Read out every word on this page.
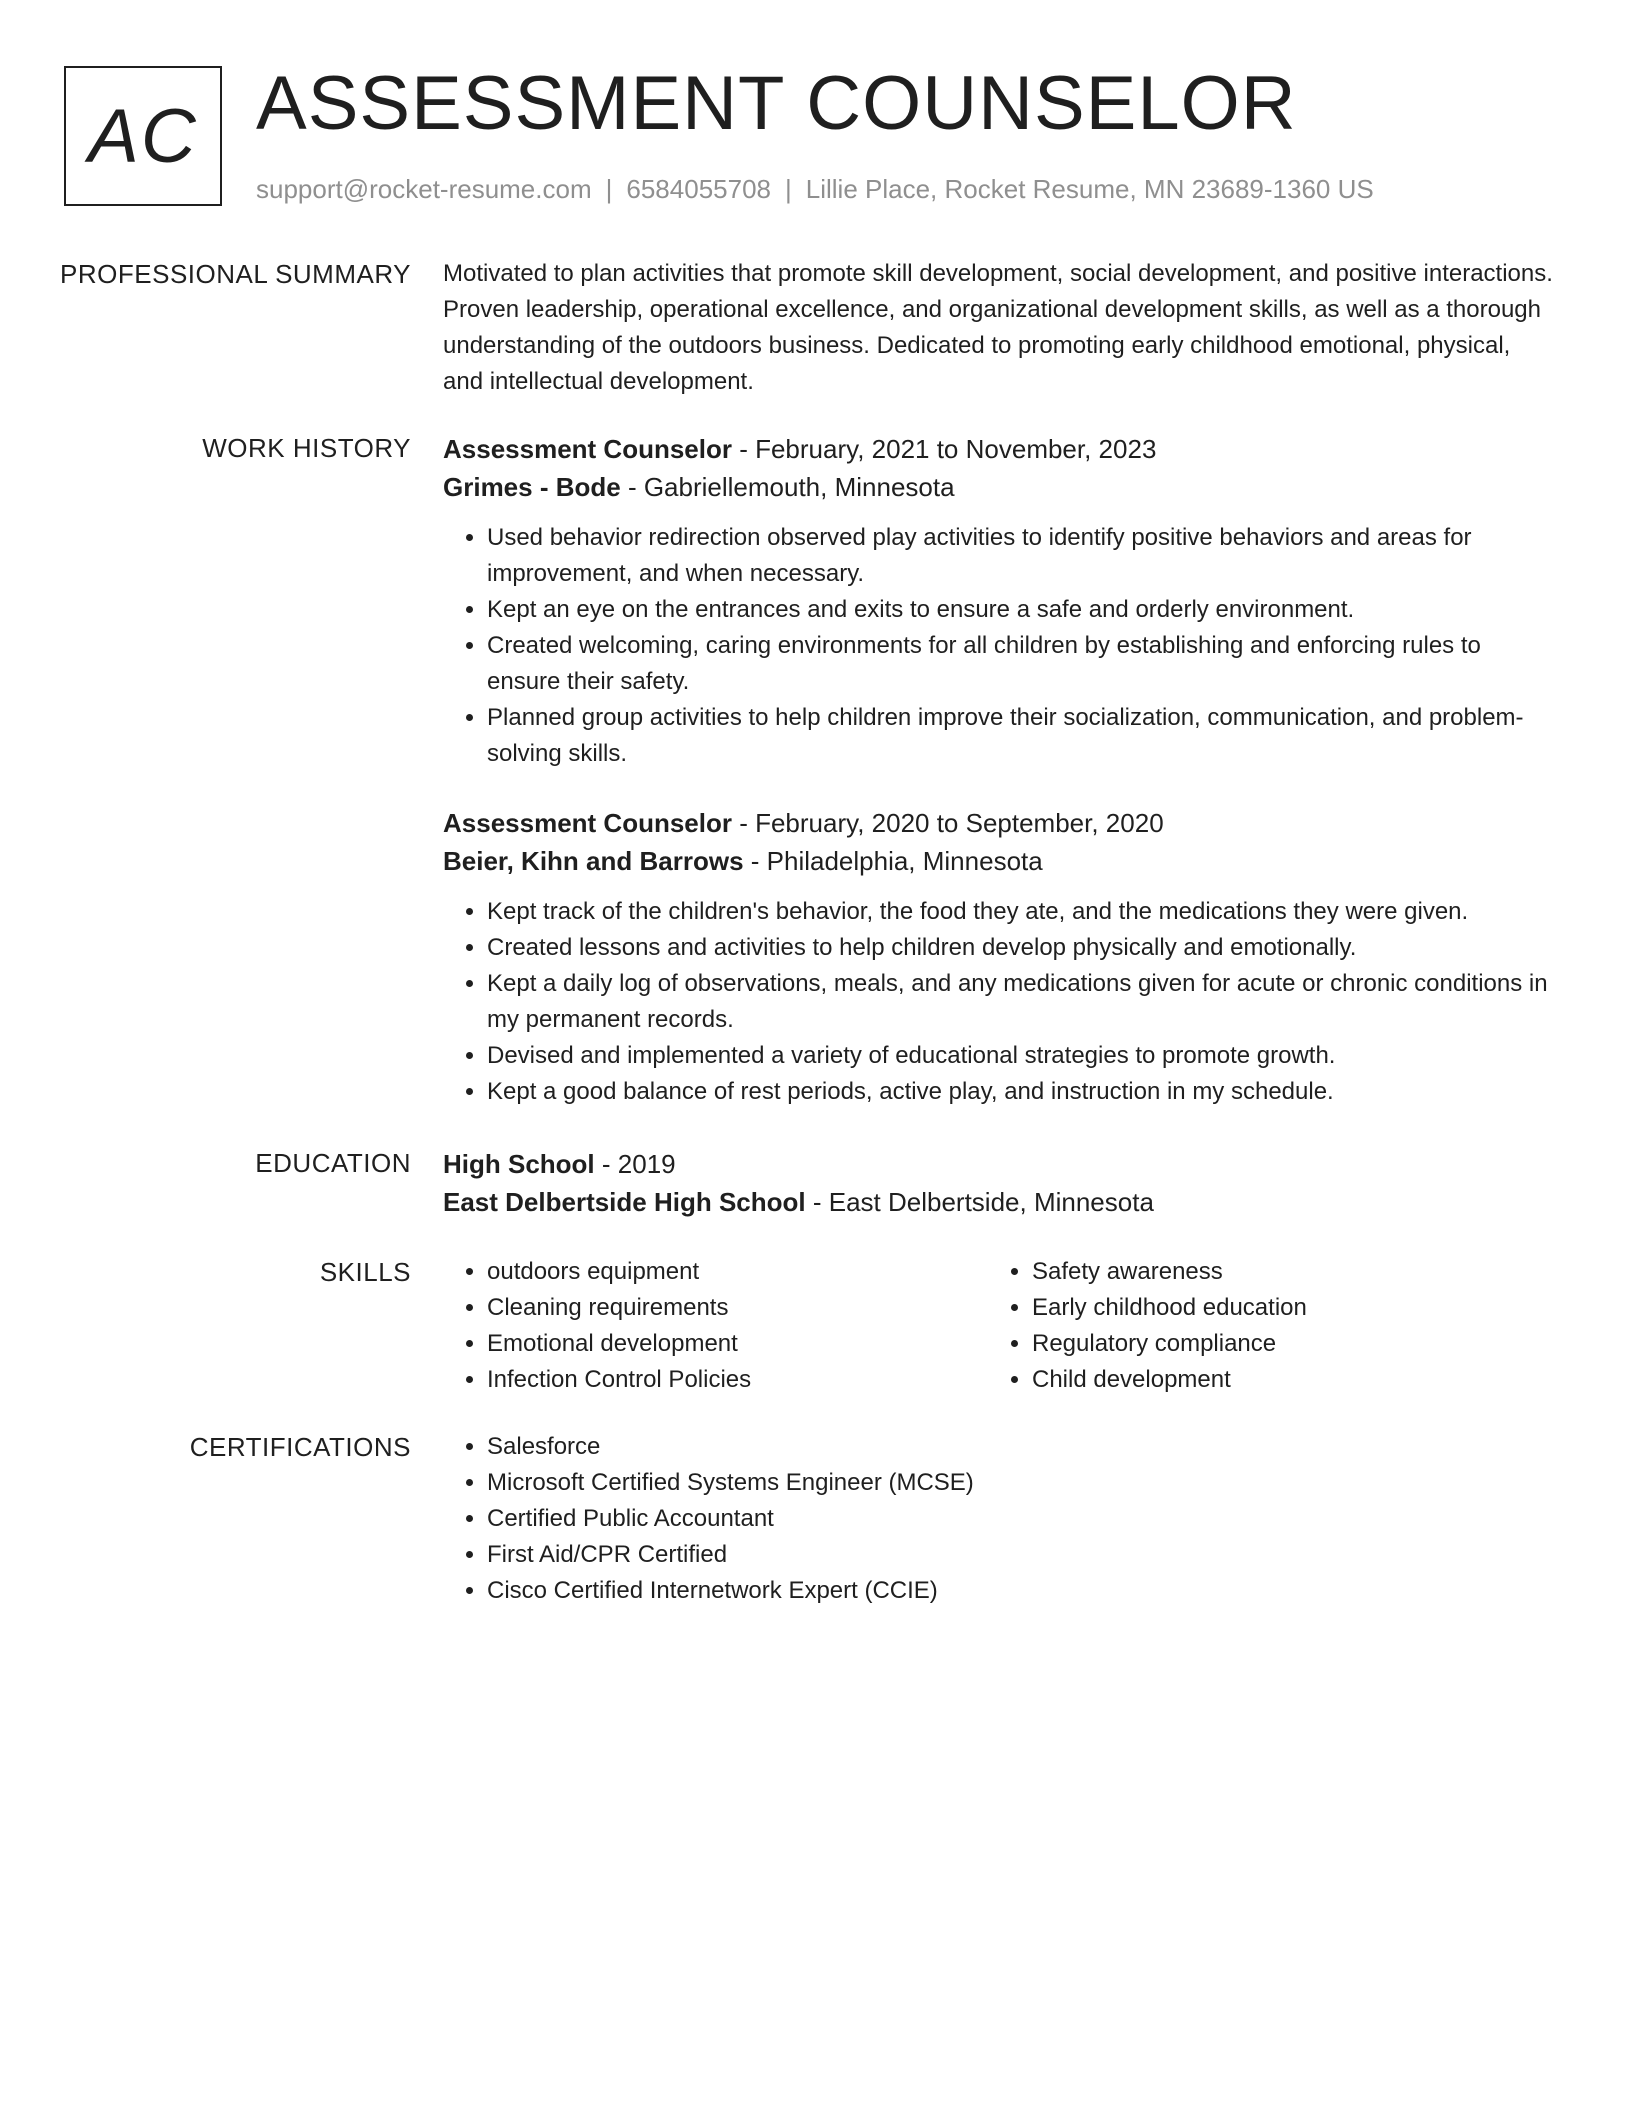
AC ASSESSMENT COUNSELOR
support@rocket-resume.com | 6584055708 | Lillie Place, Rocket Resume, MN 23689-1360 US
PROFESSIONAL SUMMARY Motivated to plan activities that promote skill development, social development, and positive interactions. Proven leadership, operational excellence, and organizational development skills, as well as a thorough understanding of the outdoors business. Dedicated to promoting early childhood emotional, physical, and intellectual development.

WORK HISTORY Assessment Counselor - February, 2021 to November, 2023
Grimes - Bode - Gabriellemouth, Minnesota
• Used behavior redirection observed play activities to identify positive behaviors and areas for improvement, and when necessary.
• Kept an eye on the entrances and exits to ensure a safe and orderly environment.
• Created welcoming, caring environments for all children by establishing and enforcing rules to ensure their safety.
• Planned group activities to help children improve their socialization, communication, and problem-solving skills.
Assessment Counselor - February, 2020 to September, 2020
Beier, Kihn and Barrows - Philadelphia, Minnesota
• Kept track of the children's behavior, the food they ate, and the medications they were given.
• Created lessons and activities to help children develop physically and emotionally.
• Kept a daily log of observations, meals, and any medications given for acute or chronic conditions in my permanent records.
• Devised and implemented a variety of educational strategies to promote growth.
• Kept a good balance of rest periods, active play, and instruction in my schedule.
EDUCATION High School - 2019
East Delbertside High School - East Delbertside, Minnesota
SKILLS	• outdoors equipment
• Cleaning requirements
• Emotional development
• Infection Control Policies
• Safety awareness
• Early childhood education
• Regulatory compliance
• Child development
CERTIFICATIONS	• Salesforce
• Microsoft Certified Systems Engineer (MCSE)
• Certified Public Accountant
• First Aid/CPR Certified
• Cisco Certified Internetwork Expert (CCIE)
